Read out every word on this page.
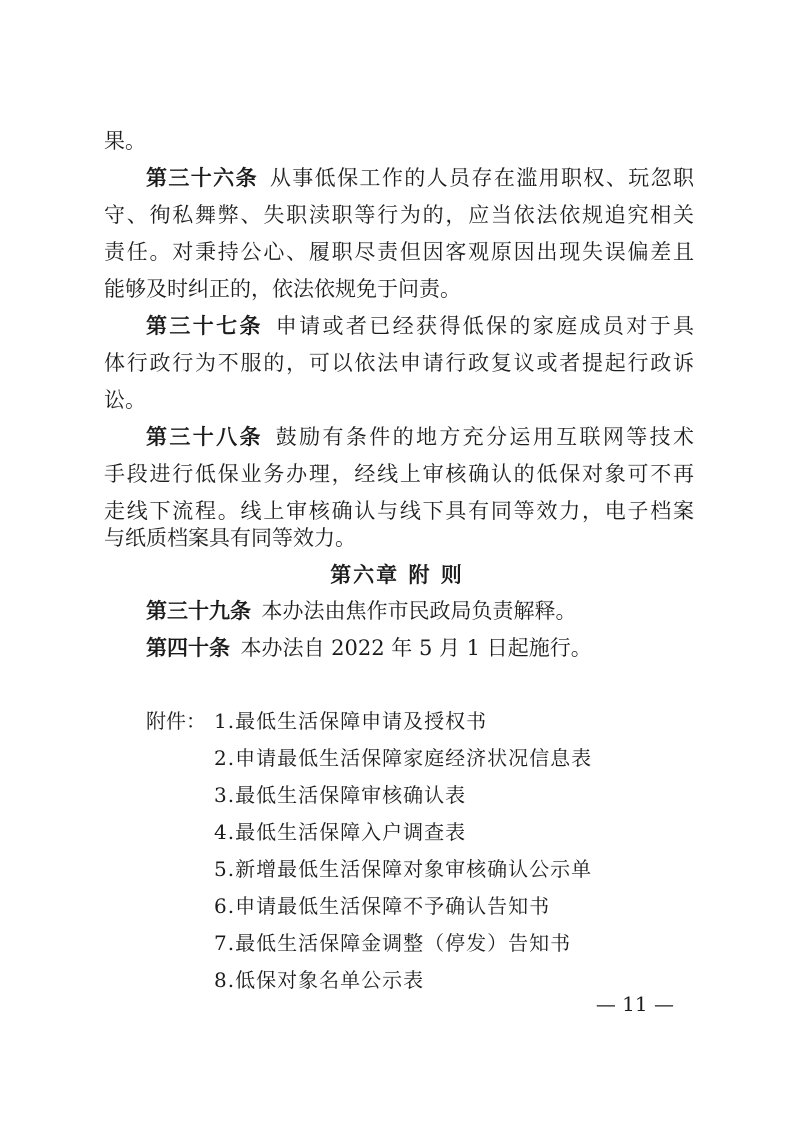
果。
第三十六条  从事低保工作的人员存在滥用职权、玩忽职
守、徇私舞弊、失职渎职等行为的，应当依法依规追究相关
责任。对秉持公心、履职尽责但因客观原因出现失误偏差且
能够及时纠正的，依法依规免于问责。
第三十七条  申请或者已经获得低保的家庭成员对于具
体行政行为不服的，可以依法申请行政复议或者提起行政诉
讼。
第三十八条  鼓励有条件的地方充分运用互联网等技术
手段进行低保业务办理，经线上审核确认的低保对象可不再
走线下流程。线上审核确认与线下具有同等效力，电子档案
与纸质档案具有同等效力。
第六章 附 则
第三十九条  本办法由焦作市民政局负责解释。
第四十条  本办法自 2022 年 5 月 1 日起施行。
附件： 1.最低生活保障申请及授权书
2.申请最低生活保障家庭经济状况信息表
3.最低生活保障审核确认表
4.最低生活保障入户调查表
5.新增最低生活保障对象审核确认公示单
6.申请最低生活保障不予确认告知书
7.最低生活保障金调整（停发）告知书
8.低保对象名单公示表
— 11 —
